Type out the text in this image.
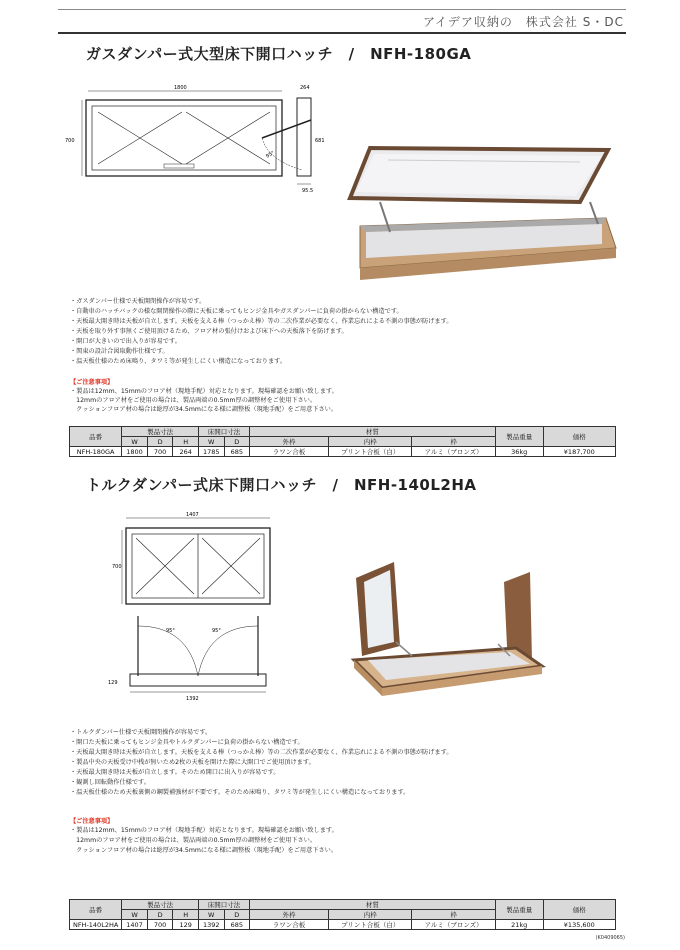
アイデア収納の　株式会社 S・DC
ガスダンパー式大型床下開口ハッチ　/　NFH-180GA
1800
700
264
95°
681
95.5
・ガスダンパー仕様で天板開閉操作が容易です。
・自動車のハッチバックの様な開閉操作の際に天板に乗ってもヒンジ金具やガスダンパーに負荷の掛からない構造です。
・天板最大開き時は天板が自立します。天板を支える棒（つっかえ棒）等の二次作業が必要なく、作業忘れによる不測の事態が防げます。
・天板を取り外す事無くご使用頂けるため、フロア材の張付けおよび床下への天板落下を防げます。
・開口が大きいので出入りが容易です。
・関東の設計合図取動作仕様です。
・温天板仕様のため床鳴り、タワミ等が発生しにくい構造になっております。
【ご注意事項】
・製品は12mm、15mmのフロア材（現地手配）対応となります。現場確認をお願い致します。
　12mmのフロア材をご使用の場合は、製品両端の0.5mm厚の調整材をご使用下さい。
　クッションフロア材の場合は総厚が34.5mmになる様に調整板（現地手配）をご用意下さい。
品番	製品寸法			床開口寸法		材質			製品重量	価格
	W	D	H	W	D	外枠	内枠	枠		
NFH-180GA	1800	700	264	1785	685	ラワン合板	プリント合板（白）	アルミ（ブロンズ）	36kg	¥187,700
トルクダンパー式床下開口ハッチ　/　NFH-140L2HA
1407
700
95°	95°
129
1392
・トルクダンパー仕様で天板開閉操作が容易です。
・開口た天板に乗ってもヒンジ金具やトルクダンパーに負荷の掛からない構造です。
・天板最大開き時は天板が自立します。天板を支える棒（つっかえ棒）等の二次作業が必要なく、作業忘れによる不測の事態が防げます。
・製品中央の天板受け中桟が無いため2枚の天板を開けた際に大開口でご使用頂けます。
・天板最大開き時は天板が自立します。そのため開口に出入りが容易です。
・観測し回転動作仕様です。
・温天板仕様のため天板裏側の鋼製補強材が不要です。そのため床鳴り、タワミ等が発生しにくい構造になっております。
【ご注意事項】
・製品は12mm、15mmのフロア材（現地手配）対応となります。現場確認をお願い致します。
　12mmのフロア材をご使用の場合は、製品両端の0.5mm厚の調整材をご使用下さい。
　クッションフロア材の場合は総厚が34.5mmになる様に調整板（現地手配）をご用意下さい。
品番	製品寸法			床開口寸法		材質			製品重量	価格
	W	D	H	W	D	外枠	内枠	枠		
NFH-140L2HA	1407	700	129	1392	685	ラワン合板	プリント合板（白）	アルミ（ブロンズ）	21kg	¥135,600
(K0409065)
